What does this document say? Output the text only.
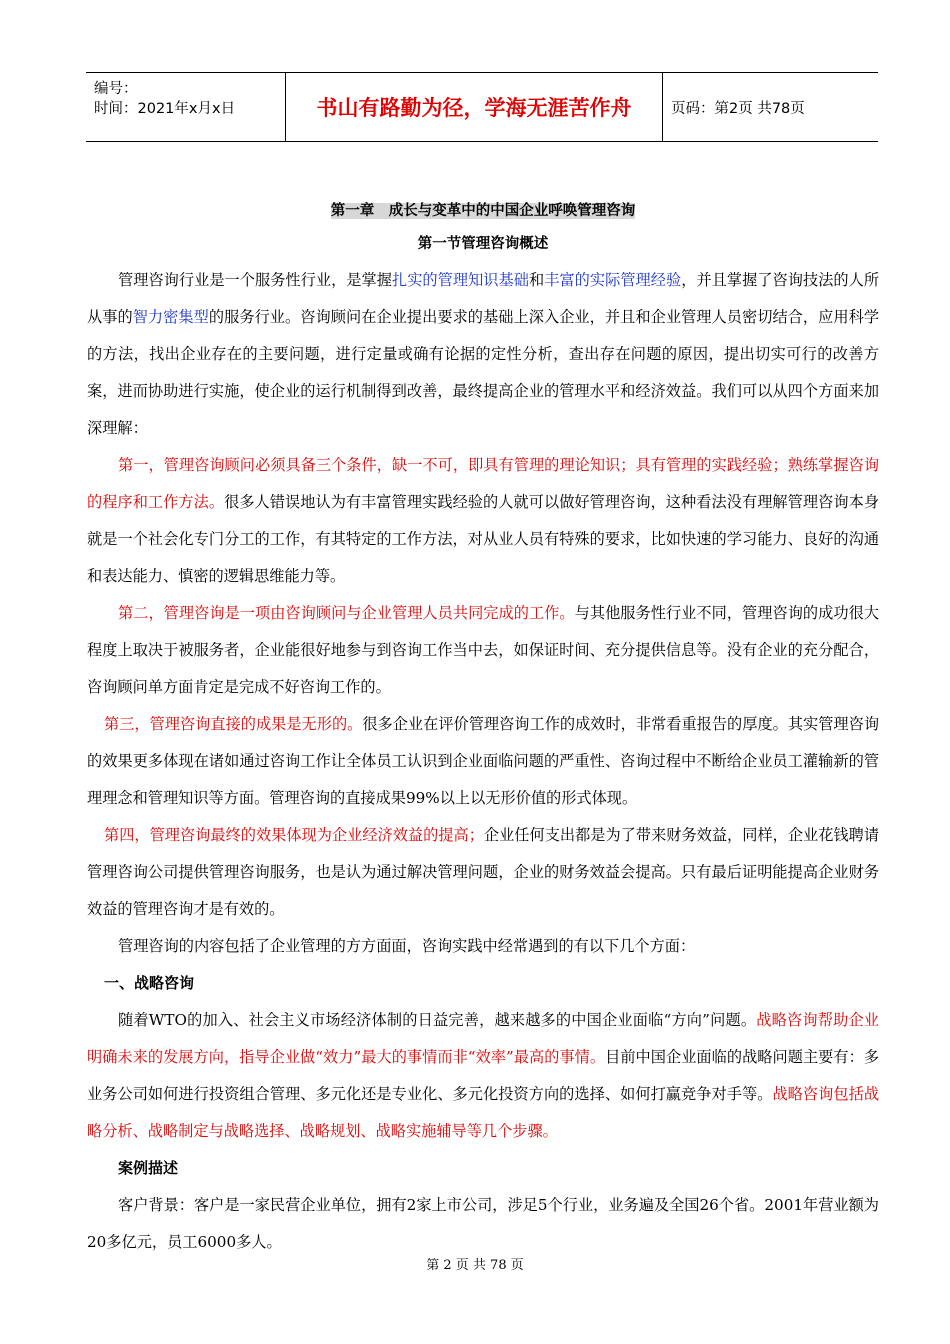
编号：
时间：2021年x月x日	书山有路勤为径，学海无涯苦作舟	页码：第2页 共78页
第一章　成长与变革中的中国企业呼唤管理咨询
第一节管理咨询概述

管理咨询行业是一个服务性行业，是掌握扎实的管理知识基础和丰富的实际管理经验，并且掌握了咨询技法的人所从事的智力密集型的服务行业。咨询顾问在企业提出要求的基础上深入企业，并且和企业管理人员密切结合，应用科学的方法，找出企业存在的主要问题，进行定量或确有论据的定性分析，查出存在问题的原因，提出切实可行的改善方案，进而协助进行实施，使企业的运行机制得到改善，最终提高企业的管理水平和经济效益。我们可以从四个方面来加深理解：

第一，管理咨询顾问必须具备三个条件，缺一不可，即具有管理的理论知识；具有管理的实践经验；熟练掌握咨询的程序和工作方法。很多人错误地认为有丰富管理实践经验的人就可以做好管理咨询，这种看法没有理解管理咨询本身就是一个社会化专门分工的工作，有其特定的工作方法，对从业人员有特殊的要求，比如快速的学习能力、良好的沟通和表达能力、慎密的逻辑思维能力等。

第二，管理咨询是一项由咨询顾问与企业管理人员共同完成的工作。与其他服务性行业不同，管理咨询的成功很大程度上取决于被服务者，企业能很好地参与到咨询工作当中去，如保证时间、充分提供信息等。没有企业的充分配合，咨询顾问单方面肯定是完成不好咨询工作的。

第三，管理咨询直接的成果是无形的。很多企业在评价管理咨询工作的成效时，非常看重报告的厚度。其实管理咨询的效果更多体现在诸如通过咨询工作让全体员工认识到企业面临问题的严重性、咨询过程中不断给企业员工灌输新的管理理念和管理知识等方面。管理咨询的直接成果99%以上以无形价值的形式体现。

第四，管理咨询最终的效果体现为企业经济效益的提高；企业任何支出都是为了带来财务效益，同样，企业花钱聘请管理咨询公司提供管理咨询服务，也是认为通过解决管理问题，企业的财务效益会提高。只有最后证明能提高企业财务效益的管理咨询才是有效的。

管理咨询的内容包括了企业管理的方方面面，咨询实践中经常遇到的有以下几个方面：

一、战略咨询

随着WTO的加入、社会主义市场经济体制的日益完善，越来越多的中国企业面临“方向”问题。战略咨询帮助企业明确未来的发展方向，指导企业做“效力”最大的事情而非“效率”最高的事情。目前中国企业面临的战略问题主要有：多业务公司如何进行投资组合管理、多元化还是专业化、多元化投资方向的选择、如何打赢竞争对手等。战略咨询包括战略分析、战略制定与战略选择、战略规划、战略实施辅导等几个步骤。

案例描述

客户背景：客户是一家民营企业单位，拥有2家上市公司，涉足5个行业，业务遍及全国26个省。2001年营业额为20多亿元，员工6000多人。

第 2 页 共 78 页
